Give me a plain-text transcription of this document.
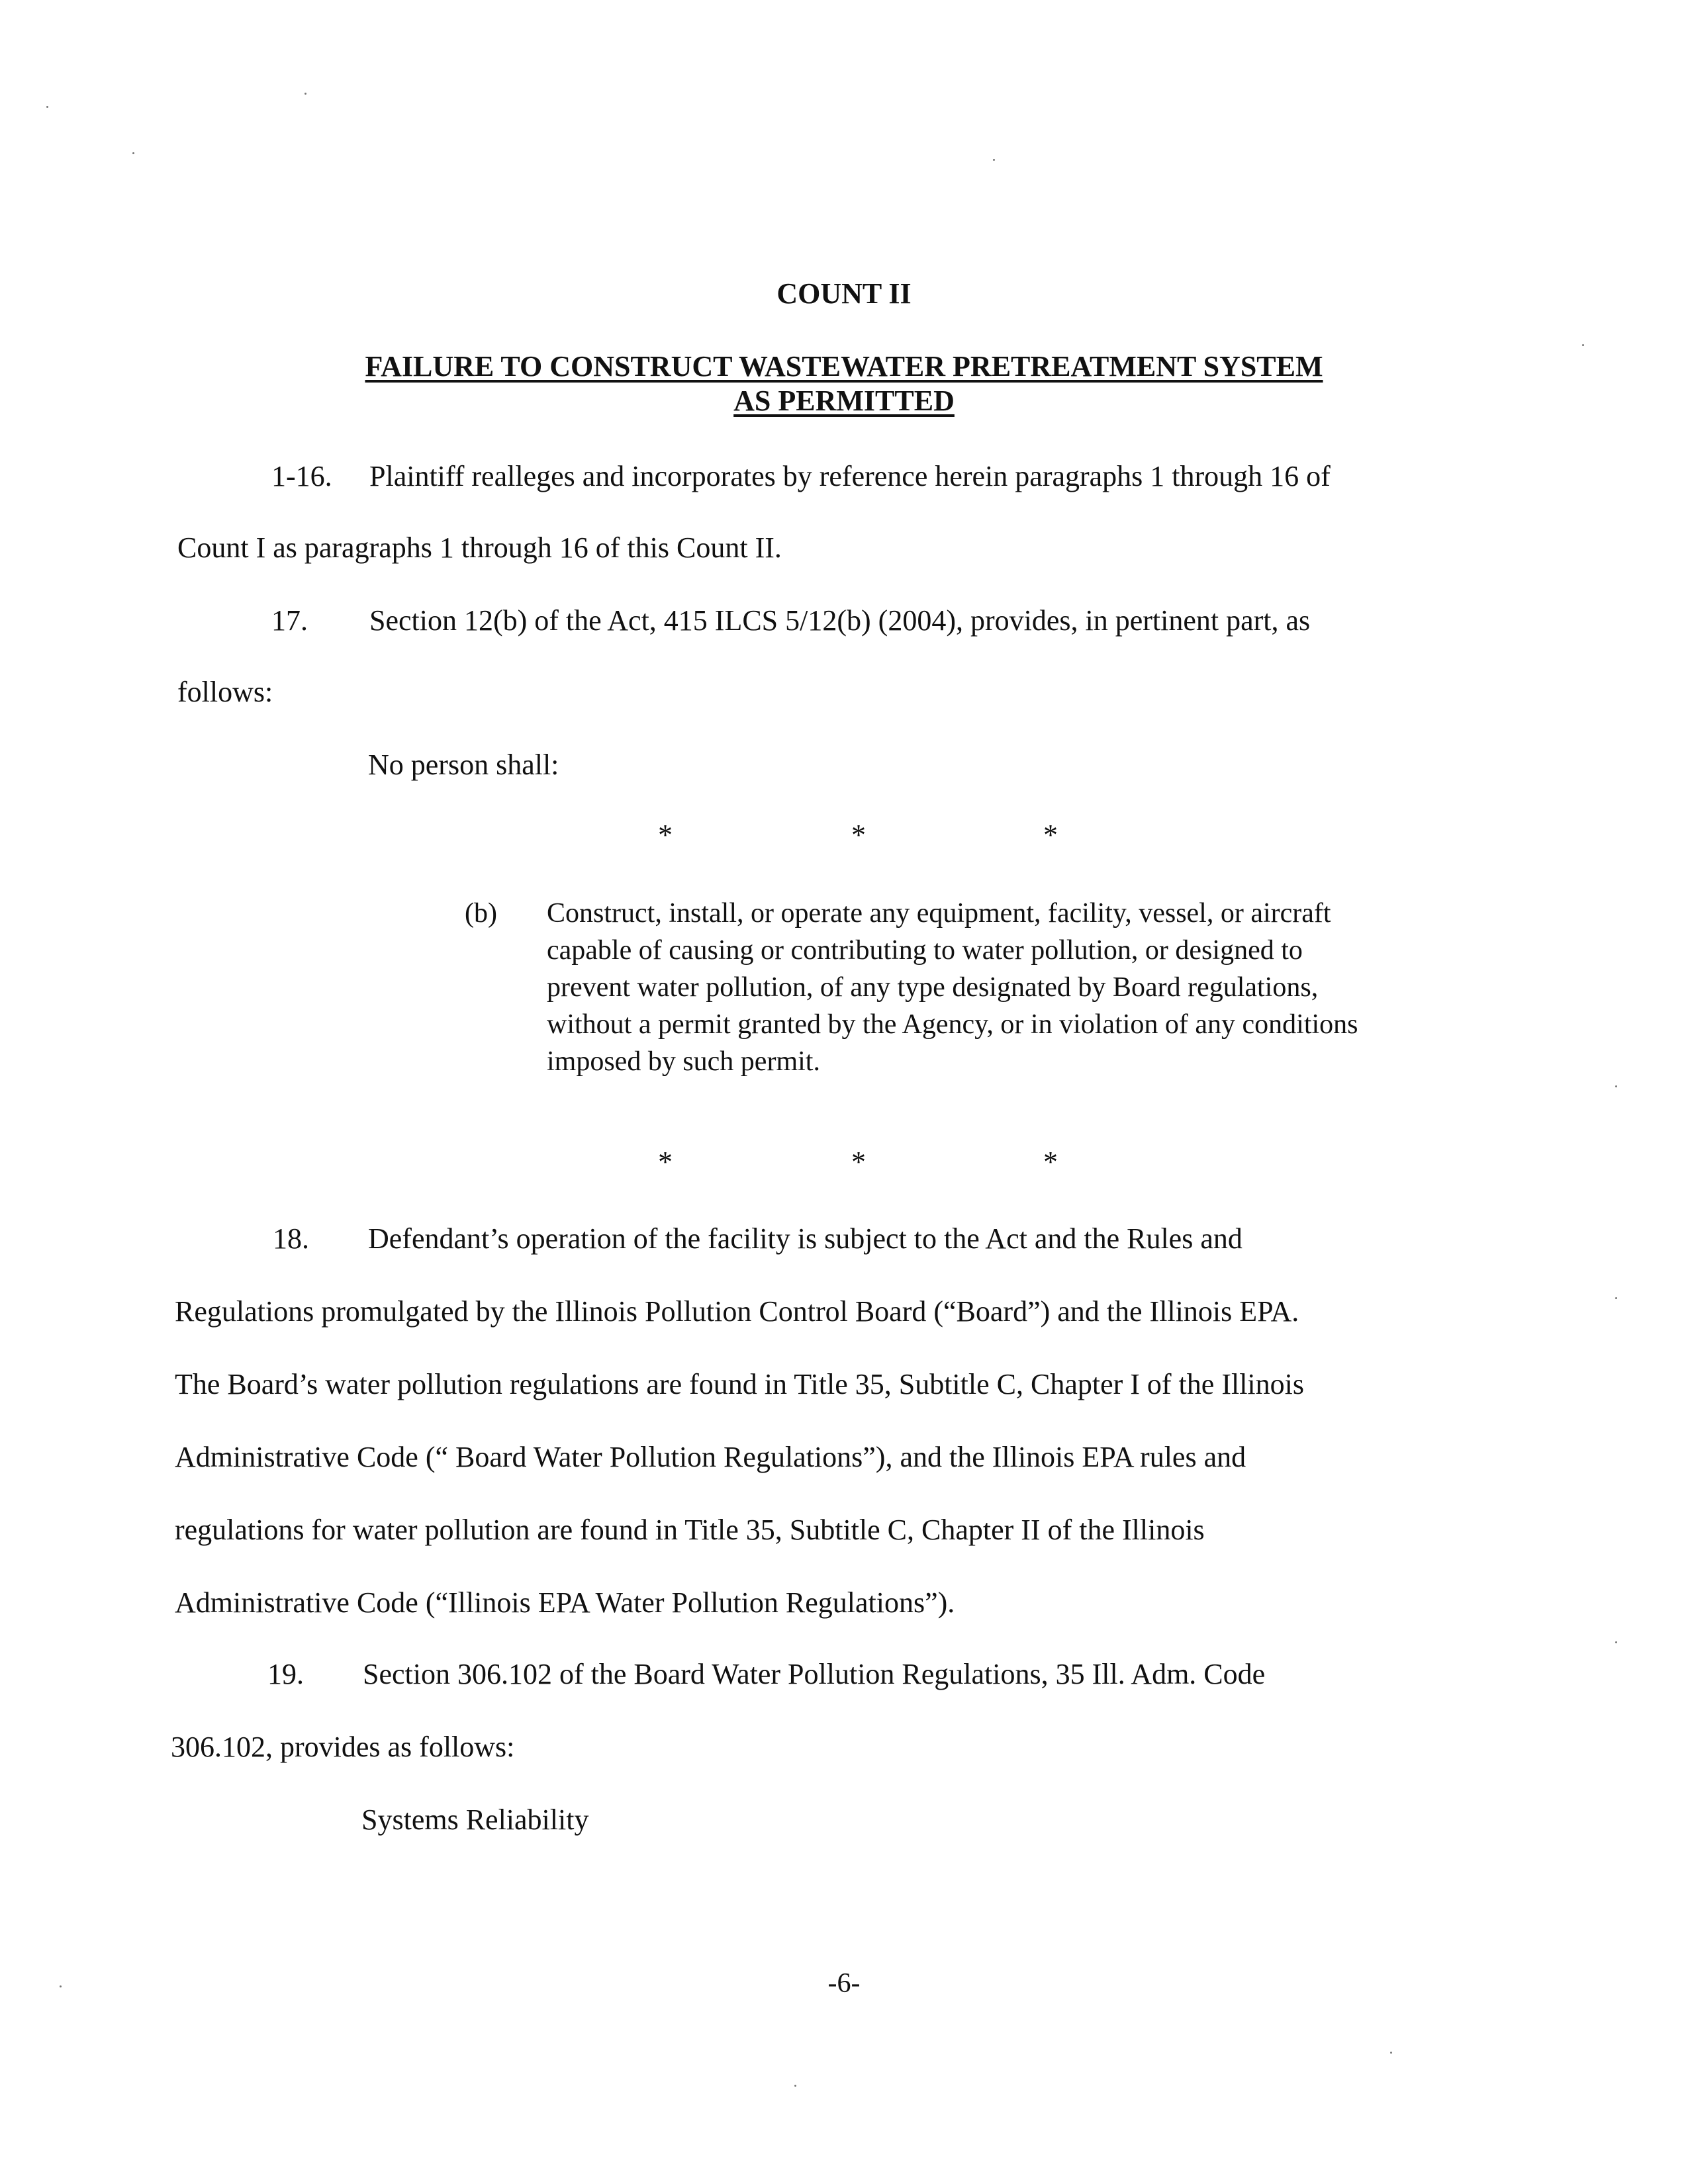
COUNT II
FAILURE TO CONSTRUCT WASTEWATER PRETREATMENT SYSTEM
AS PERMITTED
1-16. Plaintiff realleges and incorporates by reference herein paragraphs 1 through 16 of
Count I as paragraphs 1 through 16 of this Count II.
17. Section 12(b) of the Act, 415 ILCS 5/12(b) (2004), provides, in pertinent part, as
follows:
No person shall:
*	*	*
(b) Construct, install, or operate any equipment, facility, vessel, or aircraft capable of causing or contributing to water pollution, or designed to prevent water pollution, of any type designated by Board regulations, without a permit granted by the Agency, or in violation of any conditions imposed by such permit.
*	*	*
18. Defendant’s operation of the facility is subject to the Act and the Rules and
Regulations promulgated by the Illinois Pollution Control Board (“Board”) and the Illinois EPA.
The Board’s water pollution regulations are found in Title 35, Subtitle C, Chapter I of the Illinois
Administrative Code (“ Board Water Pollution Regulations”), and the Illinois EPA rules and
regulations for water pollution are found in Title 35, Subtitle C, Chapter II of the Illinois
Administrative Code (“Illinois EPA Water Pollution Regulations”).
19. Section 306.102 of the Board Water Pollution Regulations, 35 Ill. Adm. Code
306.102, provides as follows:
Systems Reliability
-6-
